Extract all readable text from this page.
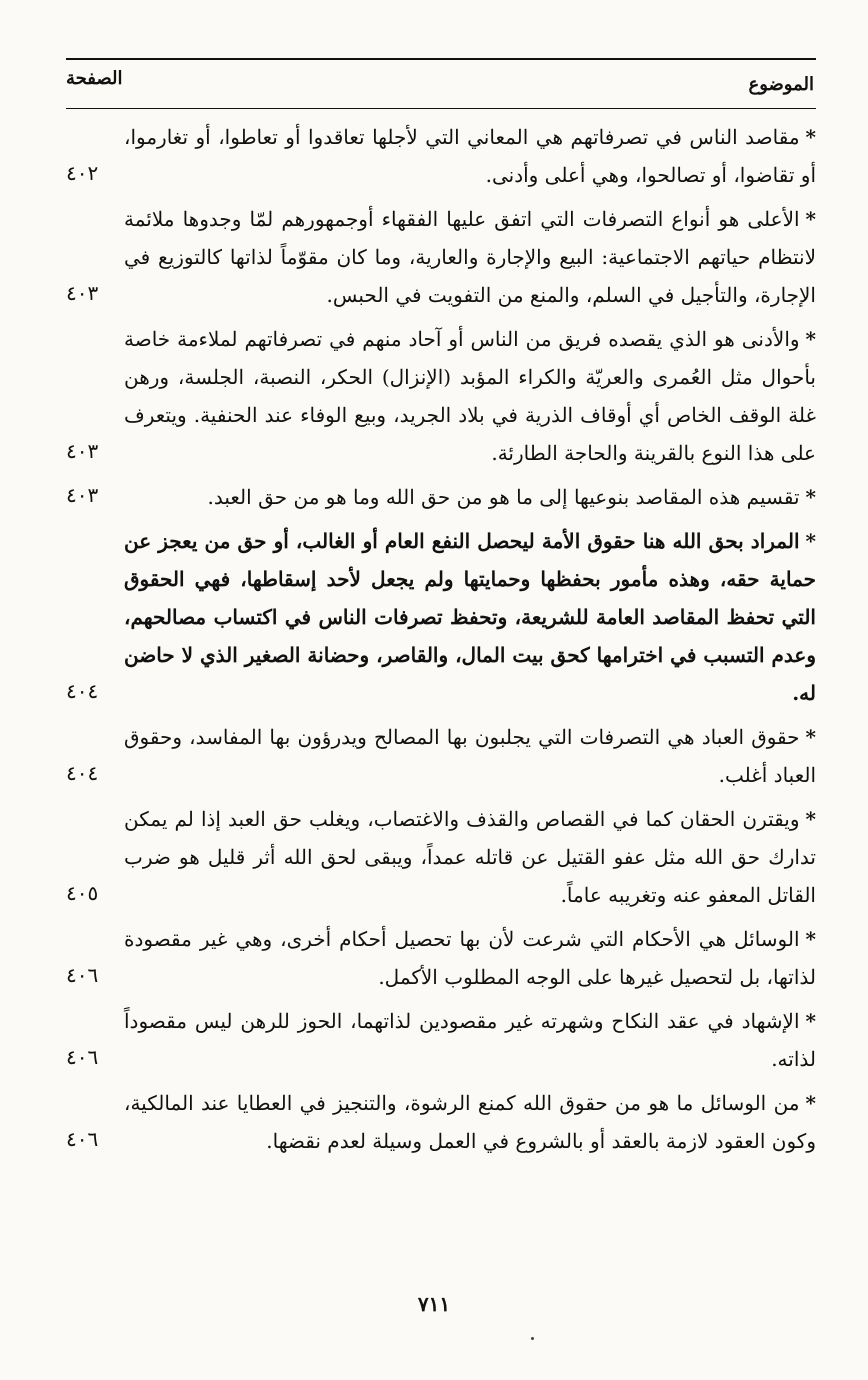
الموضوع
الصفحة
*مقاصد الناس في تصرفاتهم هي المعاني التي لأجلها تعاقدوا أو تعاطوا، أو تغارموا، أو تقاضوا، أو تصالحوا، وهي أعلى وأدنى.
٤٠٢
*الأعلى هو أنواع التصرفات التي اتفق عليها الفقهاء أوجمهورهم لمّا وجدوها ملائمة لانتظام حياتهم الاجتماعية: البيع والإجارة والعارية، وما كان مقوّماً لذاتها كالتوزيع في الإجارة، والتأجيل في السلم، والمنع من التفويت في الحبس.
٤٠٣
*والأدنى هو الذي يقصده فريق من الناس أو آحاد منهم في تصرفاتهم لملاءمة خاصة بأحوال مثل العُمرى والعريّة والكراء المؤبد (الإنزال) الحكر، النصبة، الجلسة، ورهن غلة الوقف الخاص أي أوقاف الذرية في بلاد الجريد، وبيع الوفاء عند الحنفية. ويتعرف على هذا النوع بالقرينة والحاجة الطارئة.
٤٠٣
*تقسيم هذه المقاصد بنوعيها إلى ما هو من حق الله وما هو من حق العبد.
٤٠٣
*المراد بحق الله هنا حقوق الأمة ليحصل النفع العام أو الغالب، أو حق من يعجز عن حماية حقه، وهذه مأمور بحفظها وحمايتها ولم يجعل لأحد إسقاطها، فهي الحقوق التي تحفظ المقاصد العامة للشريعة، وتحفظ تصرفات الناس في اكتساب مصالحهم، وعدم التسبب في اخترامها كحق بيت المال، والقاصر، وحضانة الصغير الذي لا حاضن له.
٤٠٤
*حقوق العباد هي التصرفات التي يجلبون بها المصالح ويدرؤون بها المفاسد، وحقوق العباد أغلب.
٤٠٤
*ويقترن الحقان كما في القصاص والقذف والاغتصاب، ويغلب حق العبد إذا لم يمكن تدارك حق الله مثل عفو القتيل عن قاتله عمداً، ويبقى لحق الله أثر قليل هو ضرب القاتل المعفو عنه وتغريبه عاماً.
٤٠٥
*الوسائل هي الأحكام التي شرعت لأن بها تحصيل أحكام أخرى، وهي غير مقصودة لذاتها، بل لتحصيل غيرها على الوجه المطلوب الأكمل.
٤٠٦
*الإشهاد في عقد النكاح وشهرته غير مقصودين لذاتهما، الحوز للرهن ليس مقصوداً لذاته.
٤٠٦
*من الوسائل ما هو من حقوق الله كمنع الرشوة، والتنجيز في العطايا عند المالكية، وكون العقود لازمة بالعقد أو بالشروع في العمل وسيلة لعدم نقضها.
٤٠٦
٧١١
